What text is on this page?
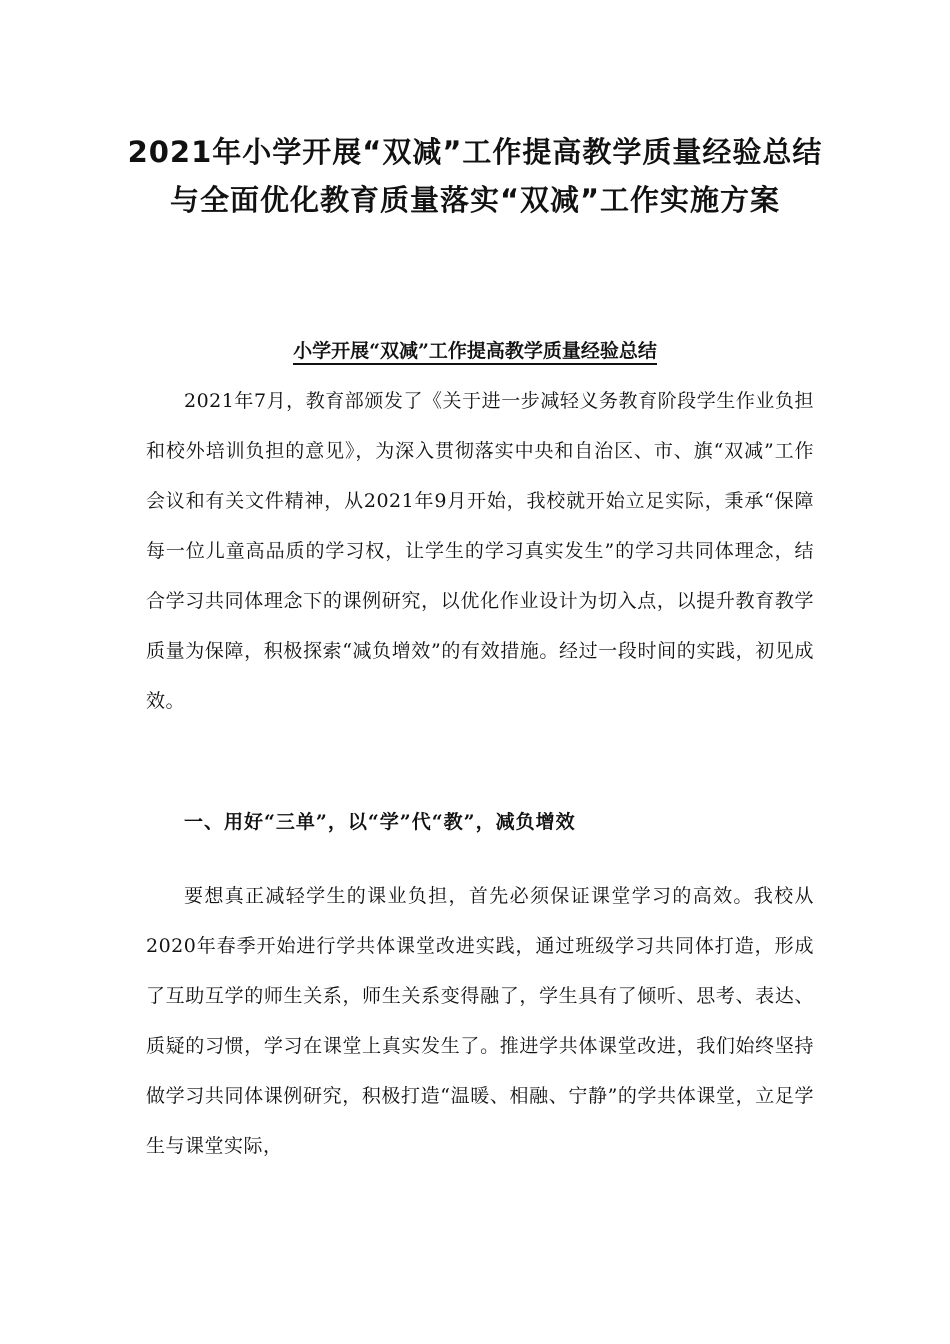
2021年小学开展“双减”工作提高教学质量经验总结与全面优化教育质量落实“双减”工作实施方案
小学开展“双减”工作提高教学质量经验总结

2021年7月，教育部颁发了《关于进一步减轻义务教育阶段学生作业负担和校外培训负担的意见》，为深入贯彻落实中央和自治区、市、旗“双减”工作会议和有关文件精神，从2021年9月开始，我校就开始立足实际，秉承“保障每一位儿童高品质的学习权，让学生的学习真实发生”的学习共同体理念，结合学习共同体理念下的课例研究，以优化作业设计为切入点，以提升教育教学质量为保障，积极探索“减负增效”的有效措施。经过一段时间的实践，初见成效。

一、用好“三单”，以“学”代“教”，减负增效

要想真正减轻学生的课业负担，首先必须保证课堂学习的高效。我校从2020年春季开始进行学共体课堂改进实践，通过班级学习共同体打造，形成了互助互学的师生关系，师生关系变得融了，学生具有了倾听、思考、表达、质疑的习惯，学习在课堂上真实发生了。推进学共体课堂改进，我们始终坚持做学习共同体课例研究，积极打造“温暖、相融、宁静”的学共体课堂，立足学生与课堂实际，
